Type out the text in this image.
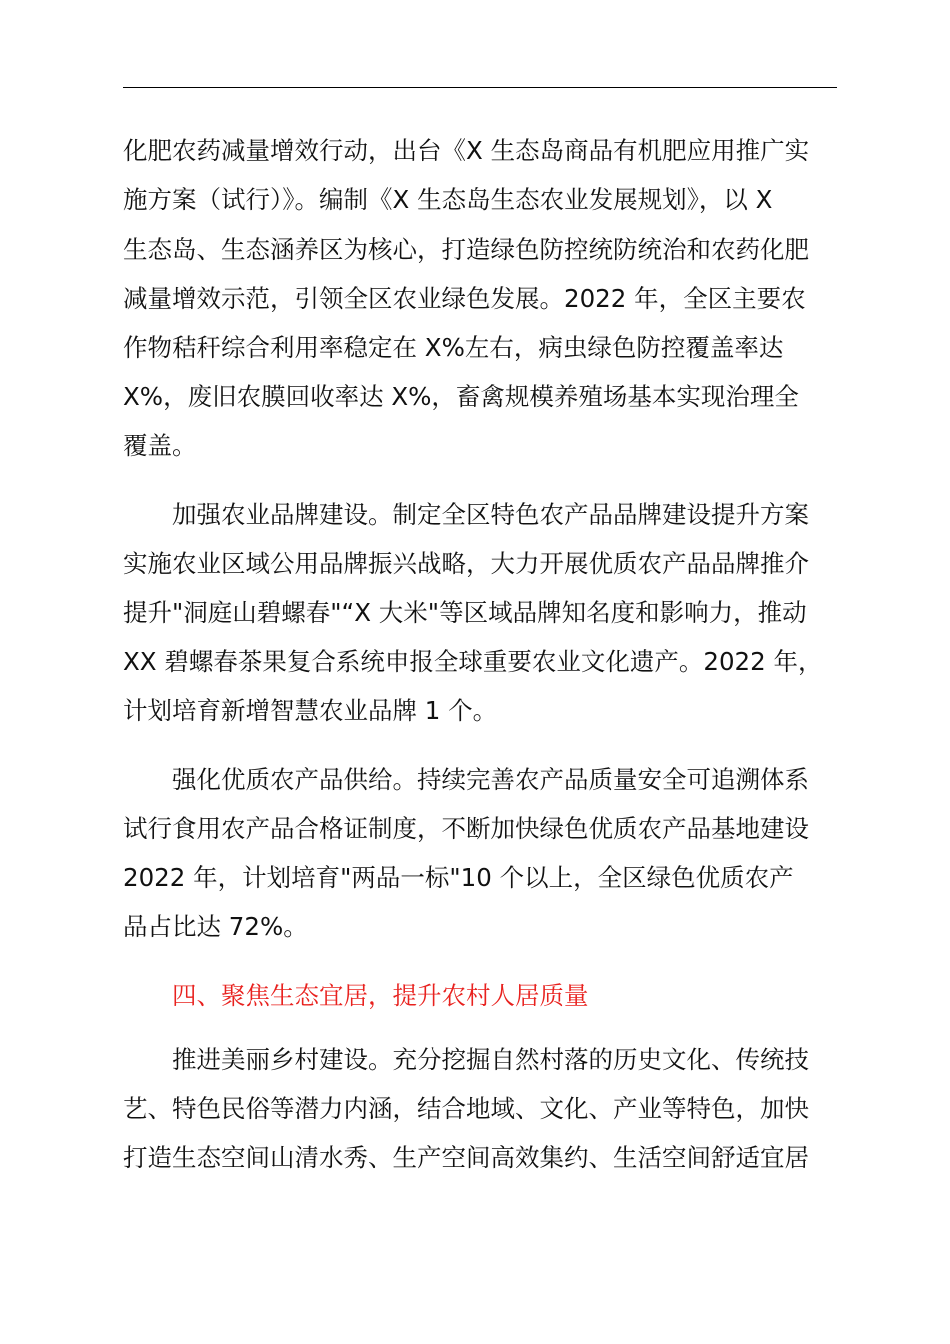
化肥农药减量增效行动，出台《X 生态岛商品有机肥应用推广实
施方案（试行）》。编制《X 生态岛生态农业发展规划》，以 X
生态岛、生态涵养区为核心，打造绿色防控统防统治和农药化肥
减量增效示范，引领全区农业绿色发展。2022 年，全区主要农
作物秸秆综合利用率稳定在 X%左右，病虫绿色防控覆盖率达
X%，废旧农膜回收率达 X%，畜禽规模养殖场基本实现治理全
覆盖。
加强农业品牌建设。制定全区特色农产品品牌建设提升方案
实施农业区域公用品牌振兴战略，大力开展优质农产品品牌推介
提升"洞庭山碧螺春"“X 大米"等区域品牌知名度和影响力，推动
XX 碧螺春茶果复合系统申报全球重要农业文化遗产。2022 年，
计划培育新增智慧农业品牌 1 个。
强化优质农产品供给。持续完善农产品质量安全可追溯体系
试行食用农产品合格证制度，不断加快绿色优质农产品基地建设
2022 年，计划培育"两品一标"10 个以上，全区绿色优质农产
品占比达 72%。
四、聚焦生态宜居，提升农村人居质量
推进美丽乡村建设。充分挖掘自然村落的历史文化、传统技
艺、特色民俗等潜力内涵，结合地域、文化、产业等特色，加快
打造生态空间山清水秀、生产空间高效集约、生活空间舒适宜居
